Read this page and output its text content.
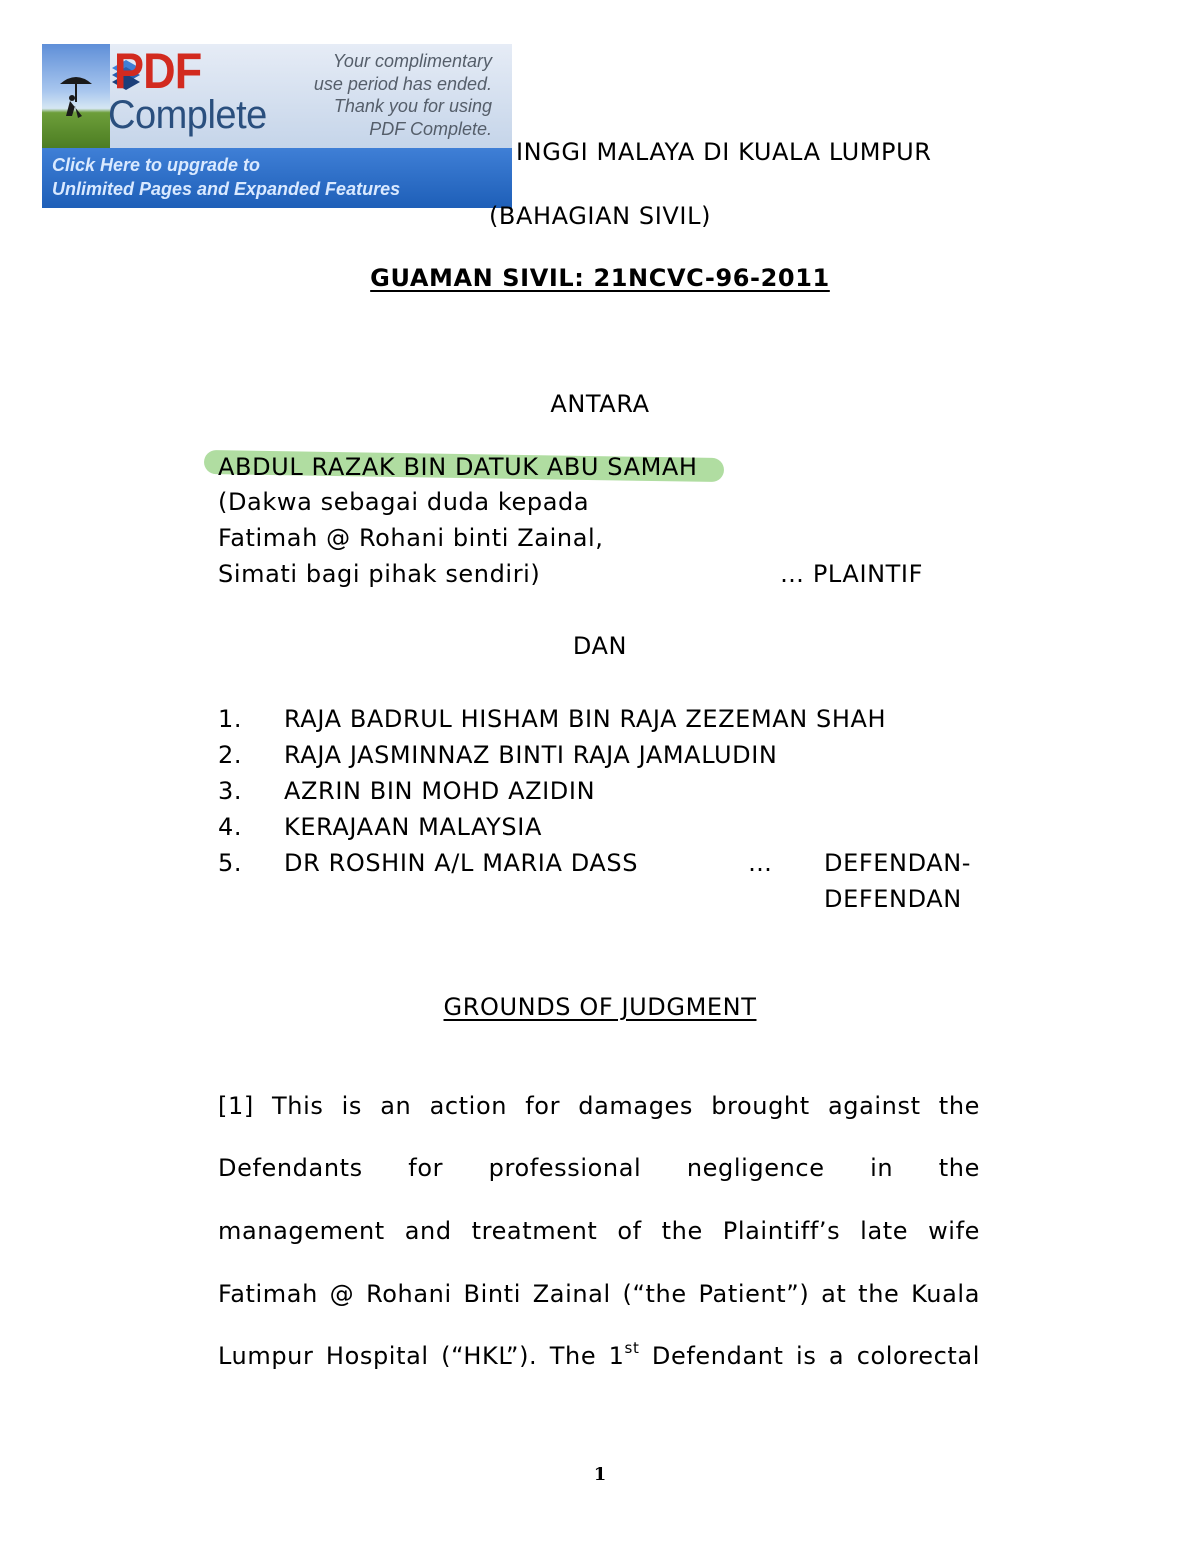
PDF
Complete
Your complimentary
use period has ended.
Thank you for using
PDF Complete.
Click Here to upgrade to
Unlimited Pages and Expanded Features
INGGI MALAYA DI KUALA LUMPUR
(BAHAGIAN SIVIL)
GUAMAN SIVIL: 21NCVC-96-2011
ANTARA
ABDUL RAZAK BIN DATUK ABU SAMAH
(Dakwa sebagai duda kepada
Fatimah @ Rohani binti Zainal,
Simati bagi pihak sendiri)	… PLAINTIF
DAN
1. RAJA BADRUL HISHAM BIN RAJA ZEZEMAN SHAH
2. RAJA JASMINNAZ BINTI RAJA JAMALUDIN
3. AZRIN BIN MOHD AZIDIN
4. KERAJAAN MALAYSIA
5. DR ROSHIN A/L MARIA DASS	… DEFENDAN-
DEFENDAN
GROUNDS OF JUDGMENT
[1] This is an action for damages brought against the
Defendants for professional negligence in the
management and treatment of the Plaintiff’s late wife
Fatimah @ Rohani Binti Zainal (“the Patient”) at the Kuala
Lumpur Hospital (“HKL”). The 1st Defendant is a colorectal
1
